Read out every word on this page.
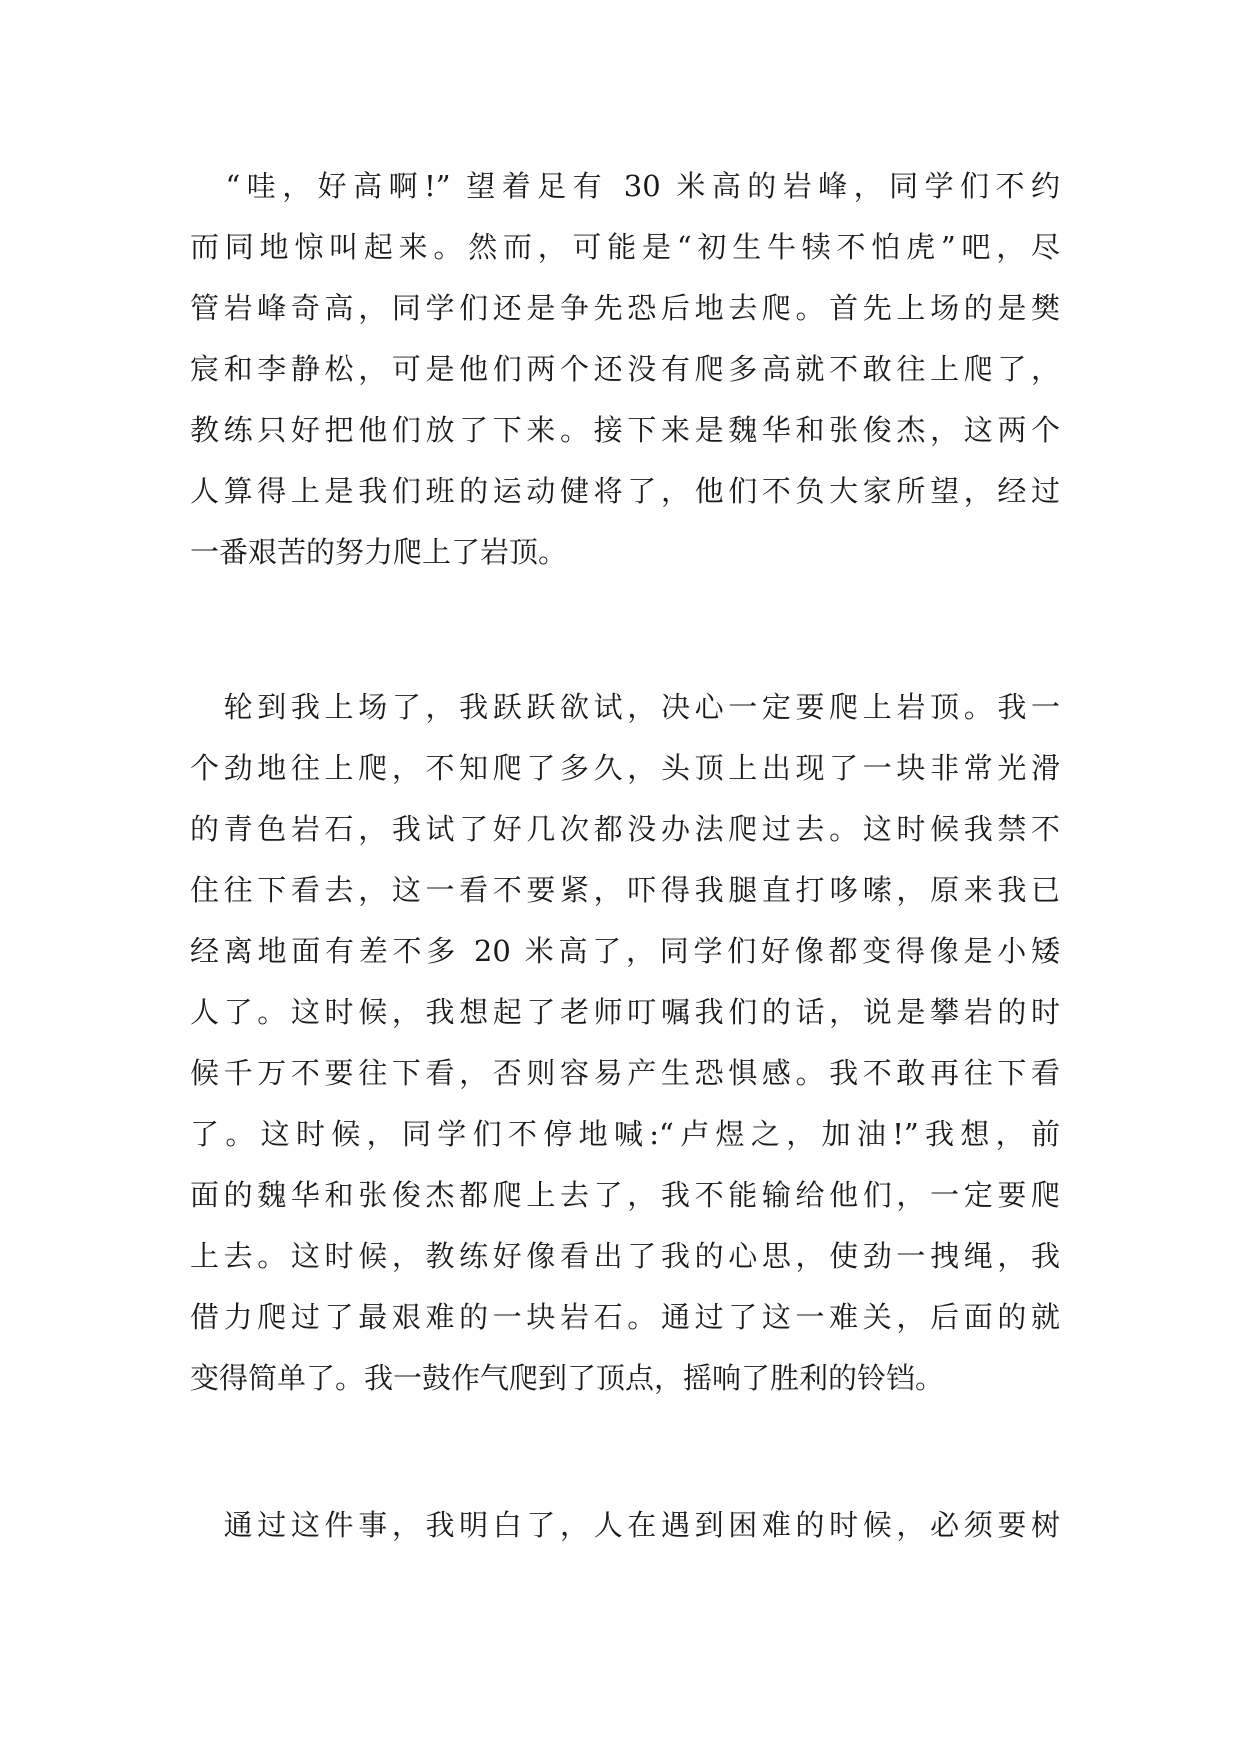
　“哇，好高啊!” 望着足有 30 米高的岩峰，同学们不约
而同地惊叫起来。然而，可能是“初生牛犊不怕虎”吧，尽
管岩峰奇高，同学们还是争先恐后地去爬。首先上场的是樊
宸和李静松，可是他们两个还没有爬多高就不敢往上爬了，
教练只好把他们放了下来。接下来是魏华和张俊杰，这两个
人算得上是我们班的运动健将了，他们不负大家所望，经过
一番艰苦的努力爬上了岩顶。
　轮到我上场了，我跃跃欲试，决心一定要爬上岩顶。我一
个劲地往上爬，不知爬了多久，头顶上出现了一块非常光滑
的青色岩石，我试了好几次都没办法爬过去。这时候我禁不
住往下看去，这一看不要紧，吓得我腿直打哆嗦，原来我已
经离地面有差不多 20 米高了，同学们好像都变得像是小矮
人了。这时候，我想起了老师叮嘱我们的话，说是攀岩的时
候千万不要往下看，否则容易产生恐惧感。我不敢再往下看
了。这时候，同学们不停地喊:“卢煜之，加油!”我想，前
面的魏华和张俊杰都爬上去了，我不能输给他们，一定要爬
上去。这时候，教练好像看出了我的心思，使劲一拽绳，我
借力爬过了最艰难的一块岩石。通过了这一难关，后面的就
变得简单了。我一鼓作气爬到了顶点，摇响了胜利的铃铛。
　通过这件事，我明白了，人在遇到困难的时候，必须要树
